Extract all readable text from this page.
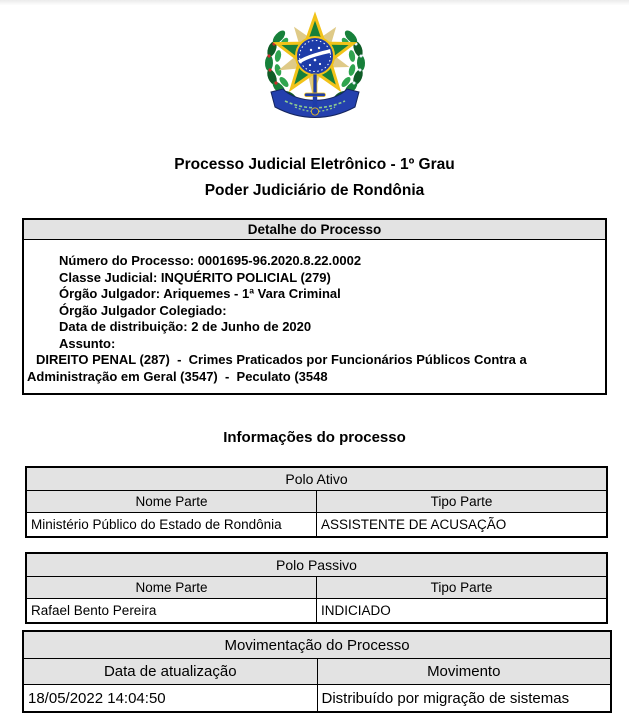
Processo Judicial Eletrônico - 1º Grau
Poder Judiciário de Rondônia
Detalhe do Processo
Número do Processo: 0001695-96.2020.8.22.0002
Classe Judicial: INQUÉRITO POLICIAL (279)
Órgão Julgador: Ariquemes - 1ª Vara Criminal
Órgão Julgador Colegiado:
Data de distribuição: 2 de Junho de 2020
Assunto:

DIREITO PENAL (287)  -  Crimes Praticados por Funcionários Públicos Contra a Administração em Geral (3547)  -  Peculato (3548

Informações do processo
Polo Ativo	
Nome Parte	Tipo Parte
Ministério Público do Estado de Rondônia	ASSISTENTE DE ACUSAÇÃO
Polo Passivo	
Nome Parte	Tipo Parte
Rafael Bento Pereira	INDICIADO
Movimentação do Processo	
Data de atualização	Movimento
18/05/2022 14:04:50	Distribuído por migração de sistemas
